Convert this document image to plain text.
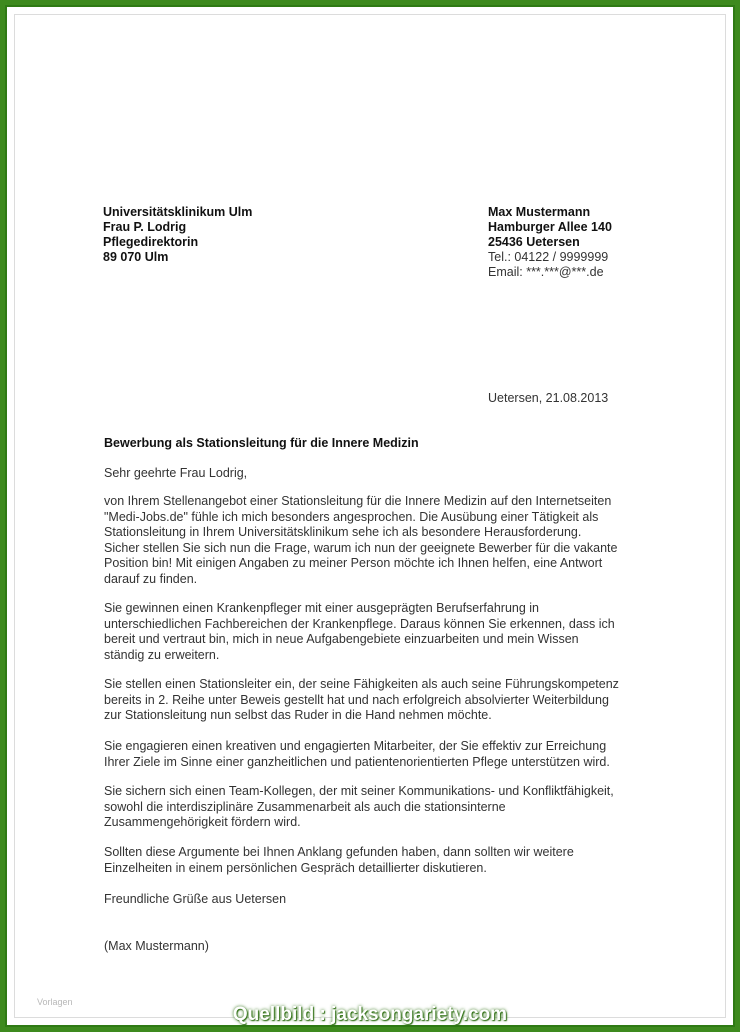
Universitätsklinikum Ulm
Frau P. Lodrig
Pflegedirektorin
89 070 Ulm
Max Mustermann
Hamburger Allee 140
25436 Uetersen
Tel.: 04122 / 9999999
Email: ***.***@***.de
Uetersen, 21.08.2013
Bewerbung als Stationsleitung für die Innere Medizin
Sehr geehrte Frau Lodrig,
von Ihrem Stellenangebot einer Stationsleitung für die Innere Medizin auf den Internetseiten
"Medi-Jobs.de" fühle ich mich besonders angesprochen. Die Ausübung einer Tätigkeit als
Stationsleitung in Ihrem Universitätsklinikum sehe ich als besondere Herausforderung.
Sicher stellen Sie sich nun die Frage, warum ich nun der geeignete Bewerber für die vakante
Position bin! Mit einigen Angaben zu meiner Person möchte ich Ihnen helfen, eine Antwort
darauf zu finden.
Sie gewinnen einen Krankenpfleger mit einer ausgeprägten Berufserfahrung in
unterschiedlichen Fachbereichen der Krankenpflege. Daraus können Sie erkennen, dass ich
bereit und vertraut bin, mich in neue Aufgabengebiete einzuarbeiten und mein Wissen
ständig zu erweitern.
Sie stellen einen Stationsleiter ein, der seine Fähigkeiten als auch seine Führungskompetenz
bereits in 2. Reihe unter Beweis gestellt hat und nach erfolgreich absolvierter Weiterbildung
zur Stationsleitung nun selbst das Ruder in die Hand nehmen möchte.
Sie engagieren einen kreativen und engagierten Mitarbeiter, der Sie effektiv zur Erreichung
Ihrer Ziele im Sinne einer ganzheitlichen und patientenorientierten Pflege unterstützen wird.
Sie sichern sich einen Team-Kollegen, der mit seiner Kommunikations- und Konfliktfähigkeit,
sowohl die interdisziplinäre Zusammenarbeit als auch die stationsinterne
Zusammengehörigkeit fördern wird.
Sollten diese Argumente bei Ihnen Anklang gefunden haben, dann sollten wir weitere
Einzelheiten in einem persönlichen Gespräch detaillierter diskutieren.
Freundliche Grüße aus Uetersen
(Max Mustermann)
Vorlagen
Quellbild : jacksongariety.com
